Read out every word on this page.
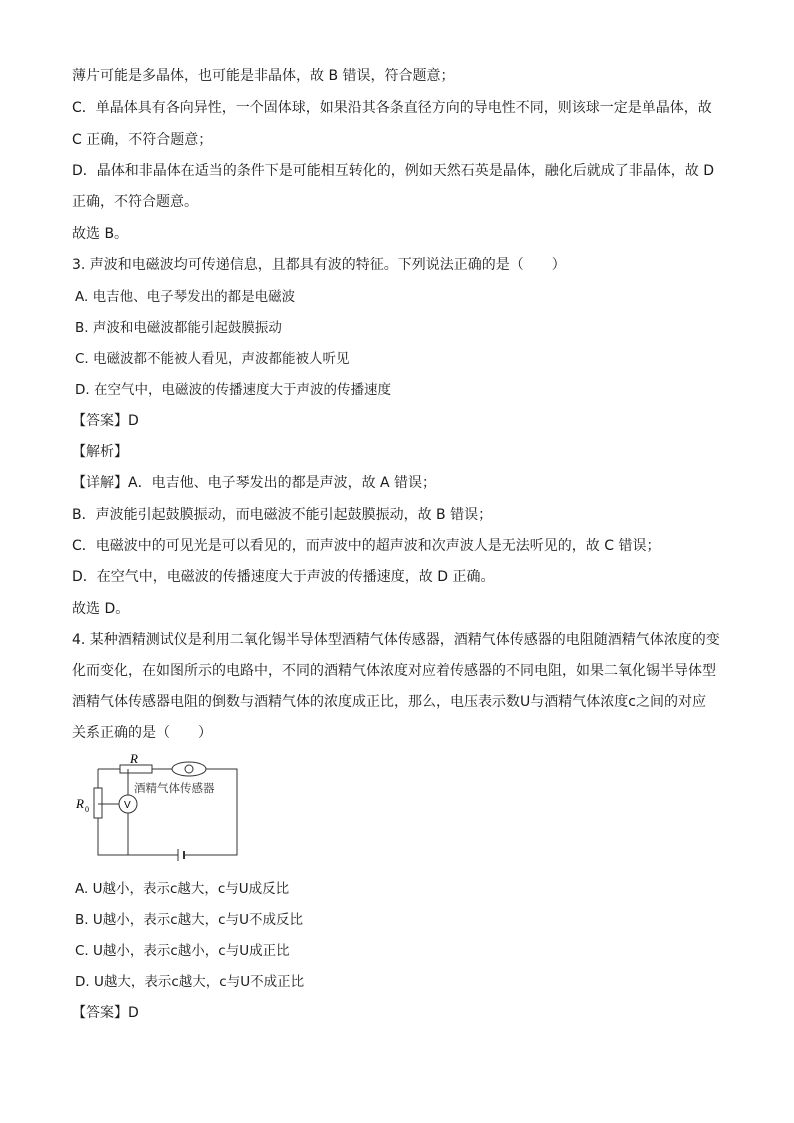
薄片可能是多晶体，也可能是非晶体，故 B 错误，符合题意；
C．单晶体具有各向异性，一个固体球，如果沿其各条直径方向的导电性不同，则该球一定是单晶体，故
C 正确，不符合题意；
D．晶体和非晶体在适当的条件下是可能相互转化的，例如天然石英是晶体，融化后就成了非晶体，故 D
正确，不符合题意。
故选 B。
3. 声波和电磁波均可传递信息，且都具有波的特征。下列说法正确的是（　　）
A. 电吉他、电子琴发出的都是电磁波
B. 声波和电磁波都能引起鼓膜振动
C. 电磁波都不能被人看见，声波都能被人听见
D. 在空气中，电磁波的传播速度大于声波的传播速度
【答案】D
【解析】
【详解】A．电吉他、电子琴发出的都是声波，故 A 错误；
B．声波能引起鼓膜振动，而电磁波不能引起鼓膜振动，故 B 错误；
C．电磁波中的可见光是可以看见的，而声波中的超声波和次声波人是无法听见的，故 C 错误；
D．在空气中，电磁波的传播速度大于声波的传播速度，故 D 正确。
故选 D。
4. 某种酒精测试仪是利用二氧化锡半导体型酒精气体传感器，酒精气体传感器的电阻随酒精气体浓度的变
化而变化，在如图所示的电路中，不同的酒精气体浓度对应着传感器的不同电阻，如果二氧化锡半导体型
酒精气体传感器电阻的倒数与酒精气体的浓度成正比，那么，电压表示数U与酒精气体浓度c之间的对应
关系正确的是（　　）
A. U越小，表示c越大，c与U成反比
B. U越小，表示c越大，c与U不成反比
C. U越小，表示c越小，c与U成正比
D. U越大，表示c越大，c与U不成正比
【答案】D
R
R 0	V
酒精气体传感器
